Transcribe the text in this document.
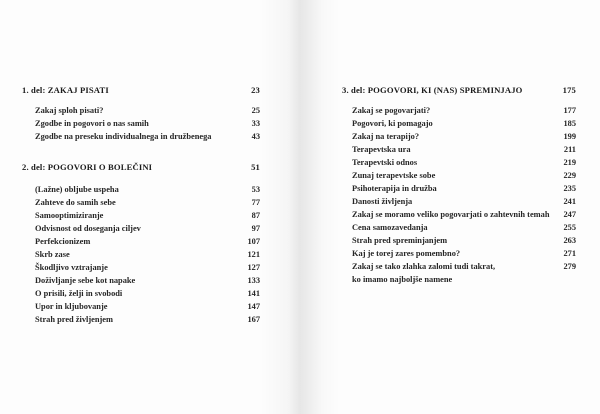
1. del: ZAKAJ PISATI	23
Zakaj sploh pisati?	25
Zgodbe in pogovori o nas samih	33
Zgodbe na preseku individualnega in družbenega	43
2. del: POGOVORI O BOLEČINI	51
(Lažne) obljube uspeha	53
Zahteve do samih sebe	77
Samooptimiziranje	87
Odvisnost od doseganja ciljev	97
Perfekcionizem	107
Skrb zase	121
Škodljivo vztrajanje	127
Doživljanje sebe kot napake	133
O prisili, želji in svobodi	141
Upor in kljubovanje	147
Strah pred življenjem	167
3. del: POGOVORI, KI (NAS) SPREMINJAJO	175
Zakaj se pogovarjati?	177
Pogovori, ki pomagajo	185
Zakaj na terapijo?	199
Terapevtska ura	211
Terapevtski odnos	219
Zunaj terapevtske sobe	229
Psihoterapija in družba	235
Danosti življenja	241
Zakaj se moramo veliko pogovarjati o zahtevnih temah 247
Cena samozavedanja	255
Strah pred spreminjanjem	263
Kaj je torej zares pomembno?	271
Zakaj se tako zlahka zalomi tudi takrat,	279
ko imamo najboljše namene
